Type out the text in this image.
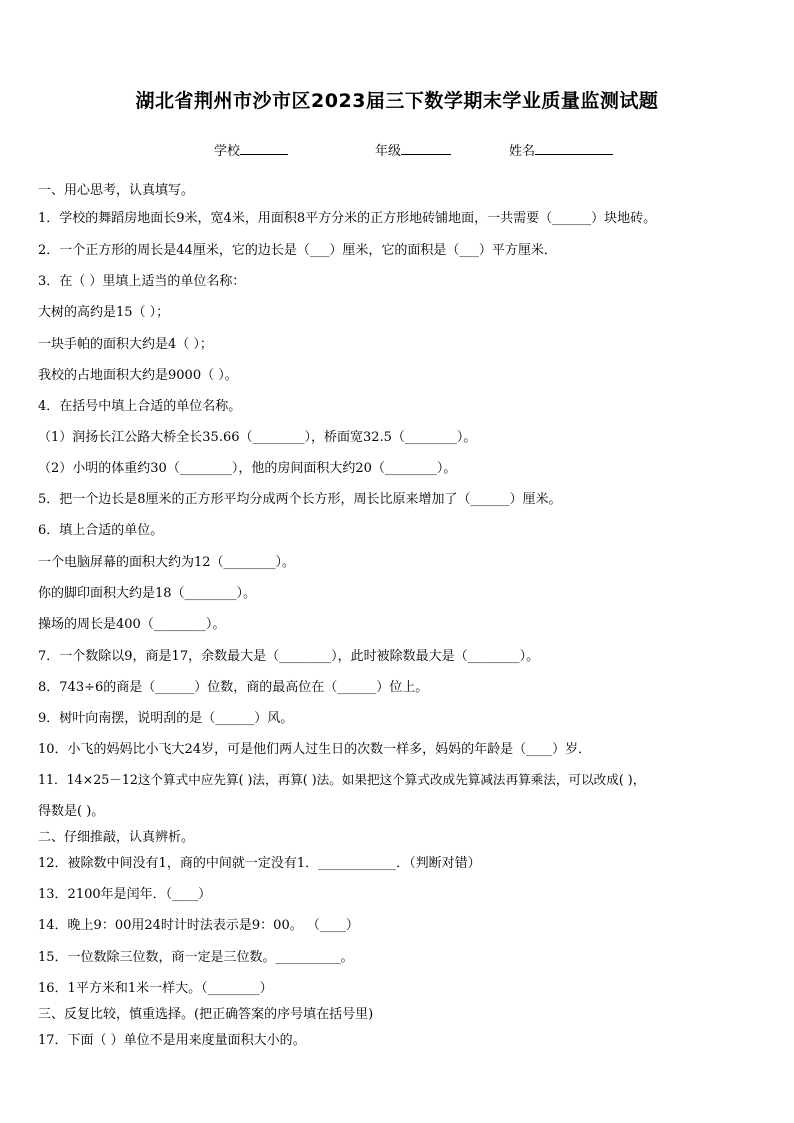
湖北省荆州市沙市区2023届三下数学期末学业质量监测试题
学校	年级	姓名
一、用心思考，认真填写。
1．学校的舞蹈房地面长9米，宽4米，用面积8平方分米的正方形地砖铺地面，一共需要（______）块地砖。
2．一个正方形的周长是44厘米，它的边长是（___）厘米，它的面积是（___）平方厘米．
3．在（ ）里填上适当的单位名称：
大树的高约是15（ ）；
一块手帕的面积大约是4（ ）；
我校的占地面积大约是9000（ ）。
4．在括号中填上合适的单位名称。
（1）润扬长江公路大桥全长35.66（________），桥面宽32.5（________）。
（2）小明的体重约30（________），他的房间面积大约20（________）。
5．把一个边长是8厘米的正方形平均分成两个长方形，周长比原来增加了（______）厘米。
6．填上合适的单位。
一个电脑屏幕的面积大约为12（________）。
你的脚印面积大约是18（________）。
操场的周长是400（________）。
7．一个数除以9，商是17，余数最大是（________），此时被除数最大是（________）。
8．743÷6的商是（______）位数，商的最高位在（______）位上。
9．树叶向南摆，说明刮的是（______）风。
10．小飞的妈妈比小飞大24岁，可是他们两人过生日的次数一样多，妈妈的年龄是（____）岁．
11．14×25－12这个算式中应先算( )法，再算( )法。如果把这个算式改成先算减法再算乘法，可以改成( )，
得数是( )。
二、仔细推敲，认真辨析。
12．被除数中间没有1，商的中间就一定没有1．____________．（判断对错）
13．2100年是闰年．（____）
14．晚上9：00用24时计时法表示是9：00。 （____）
15．一位数除三位数，商一定是三位数。__________。
16．1平方米和1米一样大。（________）
三、反复比较，慎重选择。(把正确答案的序号填在括号里)
17．下面（ ）单位不是用来度量面积大小的。
